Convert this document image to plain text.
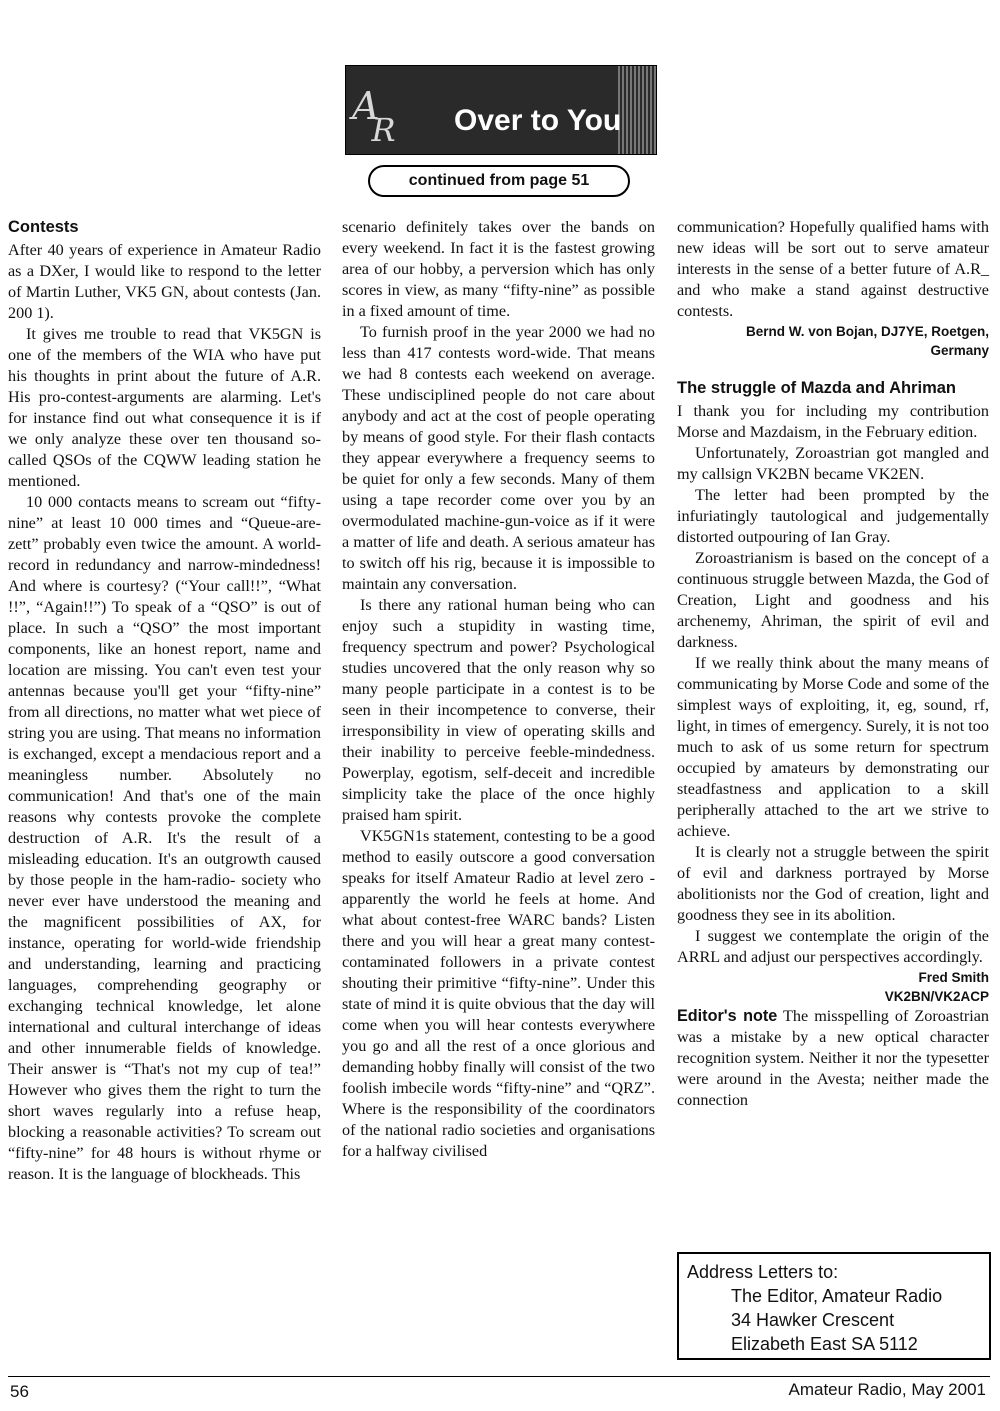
$A_R$	Over to You
continued from page 51
Contests

After 40 years of experience in Amateur Radio as a DXer, I would like to respond to the letter of Martin Luther, VK5 GN, about contests (Jan. 200 1).

It gives me trouble to read that VK5GN is one of the members of the WIA who have put his thoughts in print about the future of A.R. His pro-contest-arguments are alarming. Let's for instance find out what consequence it is if we only analyze these over ten thousand so-called QSOs of the CQWW leading station he mentioned.

10 000 contacts means to scream out “fifty-nine” at least 10 000 times and “Queue-are-zett” probably even twice the amount. A world-record in redundancy and narrow-mindedness! And where is courtesy? (“Your call!!”, “What !!”, “Again!!”) To speak of a “QSO” is out of place. In such a “QSO” the most important components, like an honest report, name and location are missing. You can't even test your antennas because you'll get your “fifty-nine” from all directions, no matter what wet piece of string you are using. That means no information is exchanged, except a mendacious report and a meaningless number. Absolutely no communication! And that's one of the main reasons why contests provoke the complete destruction of A.R. It's the result of a misleading education. It's an outgrowth caused by those people in the ham-radio- society who never ever have understood the meaning and the magnificent possibilities of AX, for instance, operating for world-wide friendship and understanding, learning and practicing languages, comprehending geography or exchanging technical knowledge, let alone international and cultural interchange of ideas and other innumerable fields of knowledge. Their answer is “That's not my cup of tea!” However who gives them the right to turn the short waves regularly into a refuse heap, blocking a reasonable activities? To scream out “fifty-nine” for 48 hours is without rhyme or reason. It is the language of blockheads. This

scenario definitely takes over the bands on every weekend. In fact it is the fastest growing area of our hobby, a perversion which has only scores in view, as many “fifty-nine” as possible in a fixed amount of time.

To furnish proof in the year 2000 we had no less than 417 contests word-wide. That means we had 8 contests each weekend on average. These undisciplined people do not care about anybody and act at the cost of people operating by means of good style. For their flash contacts they appear everywhere a frequency seems to be quiet for only a few seconds. Many of them using a tape recorder come over you by an overmodulated machine-gun-voice as if it were a matter of life and death. A serious amateur has to switch off his rig, because it is impossible to maintain any conversation.

Is there any rational human being who can enjoy such a stupidity in wasting time, frequency spectrum and power? Psychological studies uncovered that the only reason why so many people participate in a contest is to be seen in their incompetence to converse, their irresponsibility in view of operating skills and their inability to perceive feeble-mindedness. Powerplay, egotism, self-deceit and incredible simplicity take the place of the once highly praised ham spirit.

VK5GN1s statement, contesting to be a good method to easily outscore a good conversation speaks for itself Amateur Radio at level zero - apparently the world he feels at home. And what about contest-free WARC bands? Listen there and you will hear a great many contest-contaminated followers in a private contest shouting their primitive “fifty-nine”. Under this state of mind it is quite obvious that the day will come when you will hear contests everywhere you go and all the rest of a once glorious and demanding hobby finally will consist of the two foolish imbecile words “fifty-nine” and “QRZ”. Where is the responsibility of the coordinators of the national radio societies and organisations for a halfway civilised

communication? Hopefully qualified hams with new ideas will be sort out to serve amateur interests in the sense of a better future of A.R_ and who make a stand against destructive contests.

Bernd W. von Bojan, DJ7YE, Roetgen,
Germany
The struggle of Mazda and Ahriman

I thank you for including my contribution Morse and Mazdaism, in the February edition.

Unfortunately, Zoroastrian got mangled and my callsign VK2BN became VK2EN.

The letter had been prompted by the infuriatingly tautological and judgementally distorted outpouring of Ian Gray.

Zoroastrianism is based on the concept of a continuous struggle between Mazda, the God of Creation, Light and goodness and his archenemy, Ahriman, the spirit of evil and darkness.

If we really think about the many means of communicating by Morse Code and some of the simplest ways of exploiting, it, eg, sound, rf, light, in times of emergency. Surely, it is not too much to ask of us some return for spectrum occupied by amateurs by demonstrating our steadfastness and application to a skill peripherally attached to the art we strive to achieve.

It is clearly not a struggle between the spirit of evil and darkness portrayed by Morse abolitionists nor the God of creation, light and goodness they see in its abolition.

I suggest we contemplate the origin of the ARRL and adjust our perspectives accordingly.

Fred Smith
VK2BN/VK2ACP

Editor's note The misspelling of Zoroastrian was a mistake by a new optical character recognition system. Neither it nor the typesetter were around in the Avesta; neither made the connection

Address Letters to:
The Editor, Amateur Radio
34 Hawker Crescent
Elizabeth East SA 5112
56	Amateur Radio, May 2001
